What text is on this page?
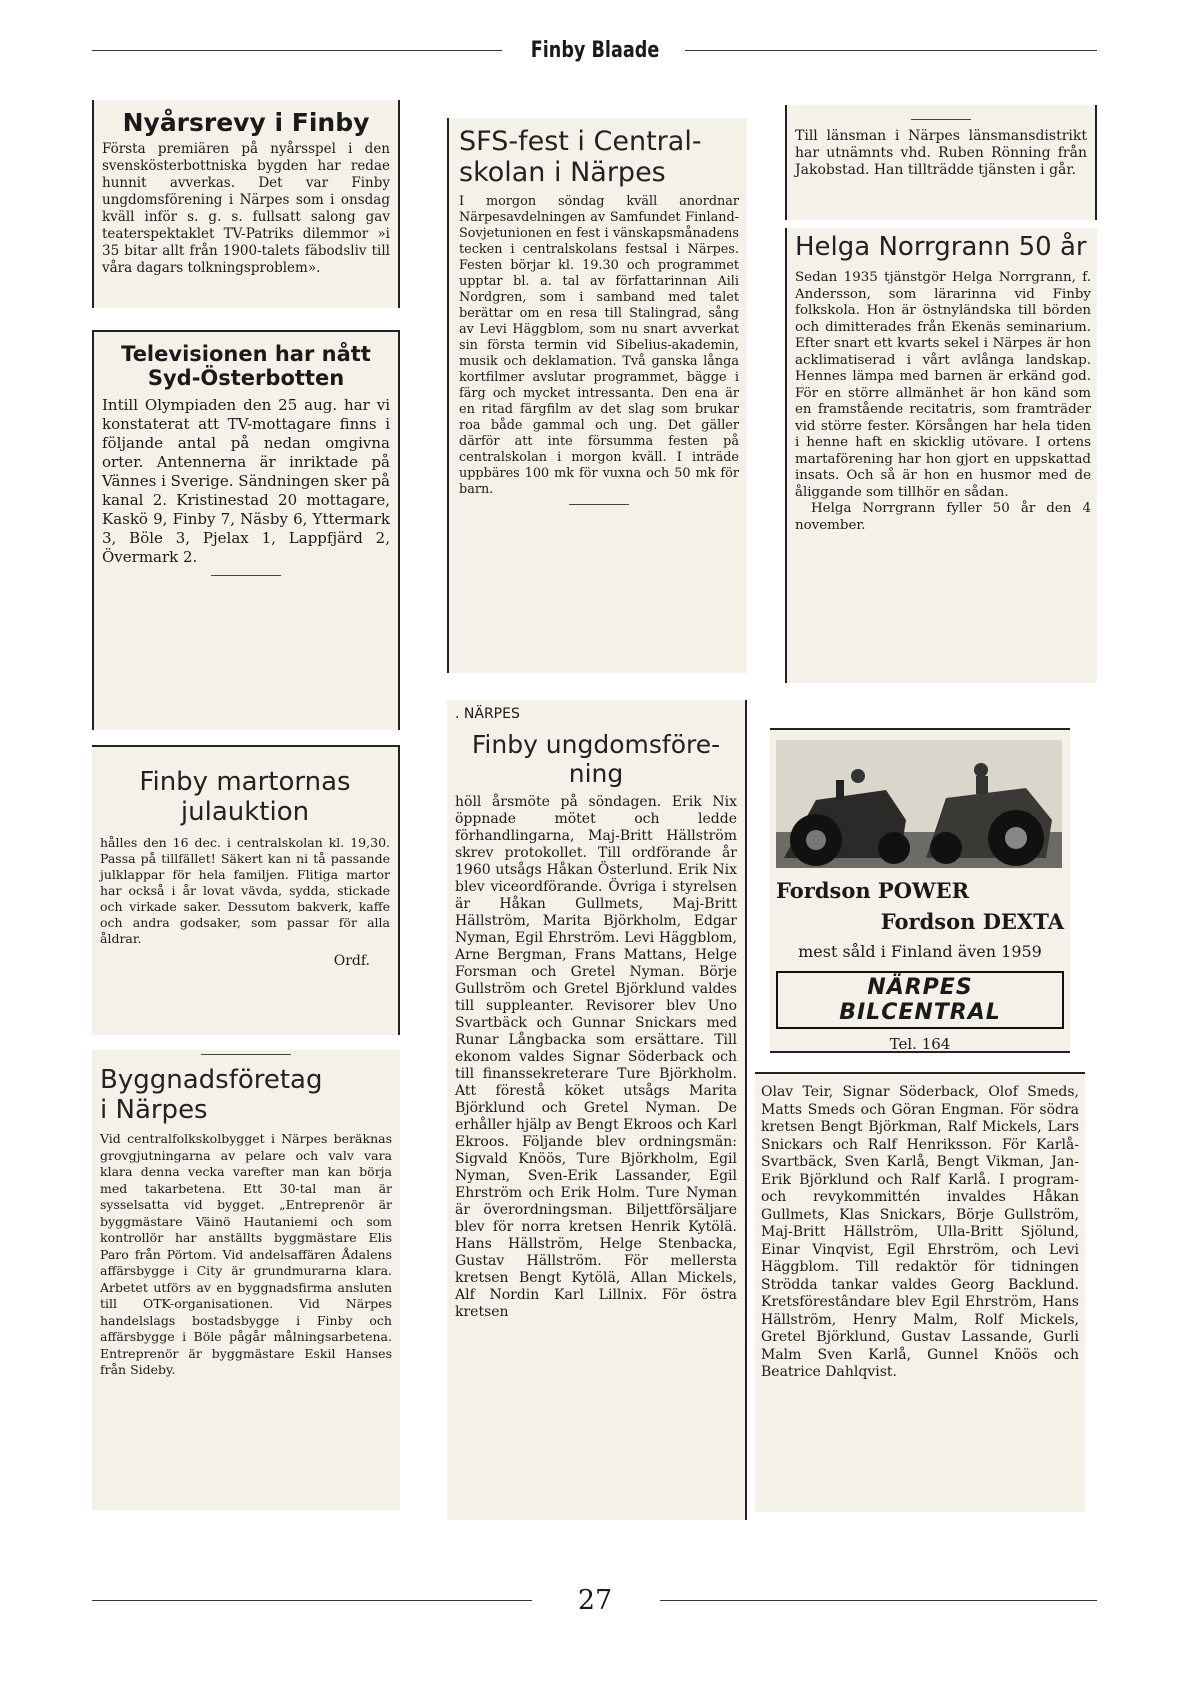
Finby Blaade
Nyårsrevy i Finby

Första premiären på nyårsspel i den svenskösterbottniska bygden har redae hunnit avverkas. Det var Finby ungdomsförening i Närpes som i onsdag kväll inför s. g. s. fullsatt salong gav teaterspektaklet TV-Patriks dilemmor »i 35 bitar allt från 1900-talets fäbodsliv till våra dagars tolkningsproblem».

Televisionen har nått
Syd-Österbotten

Intill Olympiaden den 25 aug. har vi konstaterat att TV-mottagare finns i följande antal på nedan omgivna orter. Antennerna är inriktade på Vännes i Sverige. Sändningen sker på kanal 2. Kristinestad 20 mottagare, Kaskö 9, Finby 7, Näsby 6, Yttermark 3, Böle 3, Pjelax 1, Lappfjärd 2, Övermark 2.

Finby martornas
julauktion

hålles den 16 dec. i centralskolan kl. 19,30. Passa på tillfället! Säkert kan ni tå passande julklappar för hela familjen. Flitiga martor har också i år lovat vävda, sydda, stickade och virkade saker. Dessutom bakverk, kaffe och andra godsaker, som passar för alla åldrar.

Ordf.
Byggnadsföretag
i Närpes

Vid centralfolkskolbygget i Närpes beräknas grovgjutningarna av pelare och valv vara klara denna vecka varefter man kan börja med takarbetena. Ett 30-tal man är sysselsatta vid bygget. „Entreprenör är byggmästare Väinö Hautaniemi och som kontrollör har anställts byggmästare Elis Paro från Pörtom. Vid andelsaffären Ådalens affärsbygge i City är grundmurarna klara. Arbetet utförs av en byggnadsfirma ansluten till OTK-organisationen. Vid Närpes handelslags bostadsbygge i Finby och affärsbygge i Böle pågår målningsarbetena. Entreprenör är byggmästare Eskil Hanses från Sideby.

SFS-fest i Central-
skolan i Närpes

I morgon söndag kväll anordnar Närpesavdelningen av Samfundet Finland-Sovjetunionen en fest i vänskapsmånadens tecken i centralskolans festsal i Närpes. Festen börjar kl. 19.30 och programmet upptar bl. a. tal av författarinnan Aili Nordgren, som i samband med talet berättar om en resa till Stalingrad, sång av Levi Häggblom, som nu snart avverkat sin första termin vid Sibelius-akademin, musik och deklamation. Två ganska långa kortfilmer avslutar programmet, bägge i färg och mycket intressanta. Den ena är en ritad färgfilm av det slag som brukar roa både gammal och ung. Det gäller därför att inte försumma festen på centralskolan i morgon kväll. I inträde uppbäres 100 mk för vuxna och 50 mk för barn.

. NÄRPES
Finby ungdomsföre-
ning

höll årsmöte på söndagen. Erik Nix öppnade mötet och ledde förhandlingarna, Maj-Britt Hällström skrev protokollet. Till ordförande år 1960 utsågs Håkan Österlund. Erik Nix blev viceordförande. Övriga i styrelsen är Håkan Gullmets, Maj-Britt Hällström, Marita Björkholm, Edgar Nyman, Egil Ehrström. Levi Häggblom, Arne Bergman, Frans Mattans, Helge Forsman och Gretel Nyman. Börje Gullström och Gretel Björklund valdes till suppleanter. Revisorer blev Uno Svartbäck och Gunnar Snickars med Runar Långbacka som ersättare. Till ekonom valdes Signar Söderback och till finanssekreterare Ture Björkholm. Att förestå köket utsågs Marita Björklund och Gretel Nyman. De erhåller hjälp av Bengt Ekroos och Karl Ekroos. Följande blev ordningsmän: Sigvald Knöös, Ture Björkholm, Egil Nyman, Sven-Erik Lassander, Egil Ehrström och Erik Holm. Ture Nyman är överordningsman. Biljettförsäljare blev för norra kretsen Henrik Kytölä. Hans Hällström, Helge Stenbacka, Gustav Hällström. För mellersta kretsen Bengt Kytölä, Allan Mickels, Alf Nordin Karl Lillnix. För östra kretsen

Till länsman i Närpes länsmansdistrikt har utnämnts vhd. Ruben Rönning från Jakobstad. Han tillträdde tjänsten i går.

Helga Norrgrann 50 år

Sedan 1935 tjänstgör Helga Norrgrann, f. Andersson, som lärarinna vid Finby folkskola. Hon är östnyländska till börden och dimitterades från Ekenäs seminarium. Efter snart ett kvarts sekel i Närpes är hon acklimatiserad i vårt avlånga landskap. Hennes lämpa med barnen är erkänd god. För en större allmänhet är hon känd som en framstående recitatris, som framträder vid större fester. Körsången har hela tiden i henne haft en skicklig utövare. I ortens martaförening har hon gjort en uppskattad insats. Och så är hon en husmor med de åliggande som tillhör en sådan.

Helga Norrgrann fyller 50 år den 4 november.

Fordson POWER
Fordson DEXTA
mest såld i Finland även 1959
NÄRPES BILCENTRAL
Tel. 164

Olav Teir, Signar Söderback, Olof Smeds, Matts Smeds och Göran Engman. För södra kretsen Bengt Björkman, Ralf Mickels, Lars Snickars och Ralf Henriksson. För Karlå-Svartbäck, Sven Karlå, Bengt Vikman, Jan-Erik Björklund och Ralf Karlå. I program- och revykommittén invaldes Håkan Gullmets, Klas Snickars, Börje Gullström, Maj-Britt Hällström, Ulla-Britt Sjölund, Einar Vinqvist, Egil Ehrström, och Levi Häggblom. Till redaktör för tidningen Strödda tankar valdes Georg Backlund. Kretsförestândare blev Egil Ehrström, Hans Hällström, Henry Malm, Rolf Mickels, Gretel Björklund, Gustav Lassande, Gurli Malm Sven Karlå, Gunnel Knöös och Beatrice Dahlqvist.

27
